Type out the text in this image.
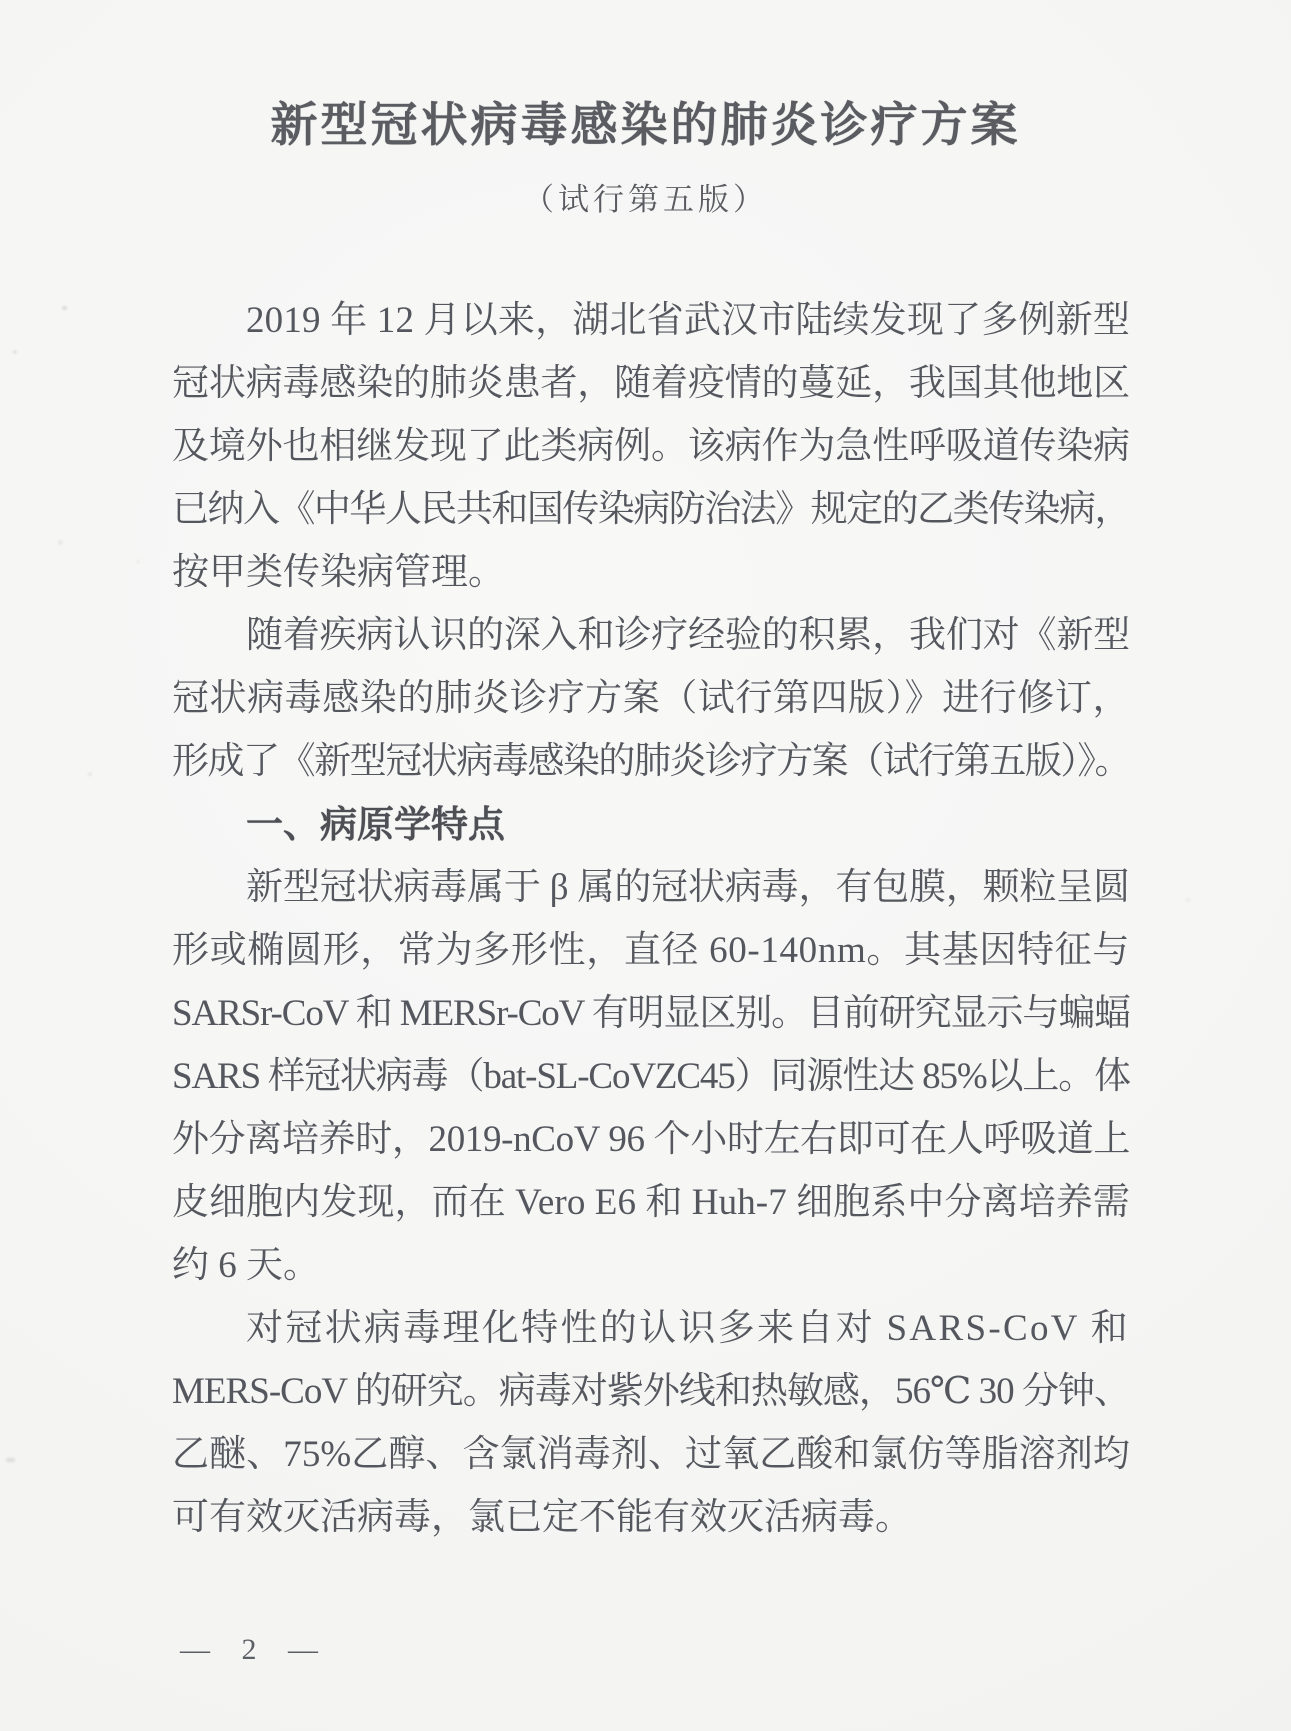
新型冠状病毒感染的肺炎诊疗方案
（试行第五版）
2019 年 12 月以来，湖北省武汉市陆续发现了多例新型
冠状病毒感染的肺炎患者，随着疫情的蔓延，我国其他地区
及境外也相继发现了此类病例。该病作为急性呼吸道传染病
已纳入《中华人民共和国传染病防治法》规定的乙类传染病，
按甲类传染病管理。
随着疾病认识的深入和诊疗经验的积累，我们对《新型
冠状病毒感染的肺炎诊疗方案（试行第四版）》进行修订，
形成了《新型冠状病毒感染的肺炎诊疗方案（试行第五版）》。
一、病原学特点
新型冠状病毒属于 β 属的冠状病毒，有包膜，颗粒呈圆
形或椭圆形，常为多形性，直径 60-140nm。其基因特征与
SARSr-CoV 和 MERSr-CoV 有明显区别。目前研究显示与蝙蝠
SARS 样冠状病毒（bat-SL-CoVZC45）同源性达 85%以上。体
外分离培养时，2019-nCoV 96 个小时左右即可在人呼吸道上
皮细胞内发现，而在 Vero E6 和 Huh-7 细胞系中分离培养需
约 6 天。
对冠状病毒理化特性的认识多来自对 SARS-CoV 和
MERS-CoV 的研究。病毒对紫外线和热敏感，56℃ 30 分钟、
乙醚、75%乙醇、含氯消毒剂、过氧乙酸和氯仿等脂溶剂均
可有效灭活病毒，氯已定不能有效灭活病毒。
— 2 —
